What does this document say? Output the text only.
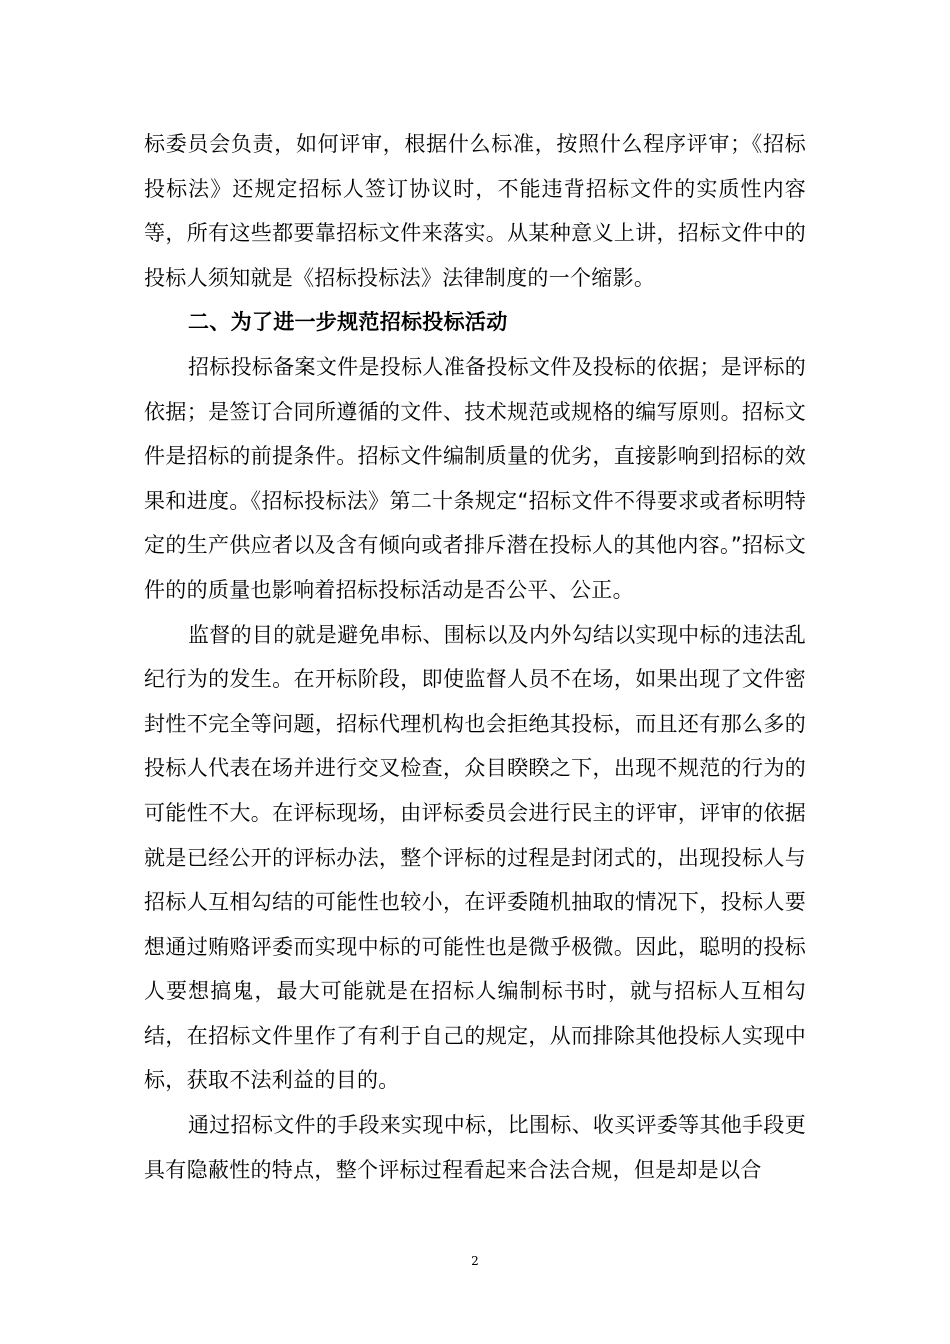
标委员会负责，如何评审，根据什么标准，按照什么程序评审；《招标投标法》还规定招标人签订协议时，不能违背招标文件的实质性内容等，所有这些都要靠招标文件来落实。从某种意义上讲，招标文件中的投标人须知就是《招标投标法》法律制度的一个缩影。

二、为了进一步规范招标投标活动

招标投标备案文件是投标人准备投标文件及投标的依据；是评标的依据；是签订合同所遵循的文件、技术规范或规格的编写原则。招标文件是招标的前提条件。招标文件编制质量的优劣，直接影响到招标的效果和进度。《招标投标法》第二十条规定“招标文件不得要求或者标明特定的生产供应者以及含有倾向或者排斥潜在投标人的其他内容。”招标文件的的质量也影响着招标投标活动是否公平、公正。

监督的目的就是避免串标、围标以及内外勾结以实现中标的违法乱纪行为的发生。在开标阶段，即使监督人员不在场，如果出现了文件密封性不完全等问题，招标代理机构也会拒绝其投标，而且还有那么多的投标人代表在场并进行交叉检查，众目睽睽之下，出现不规范的行为的可能性不大。在评标现场，由评标委员会进行民主的评审，评审的依据就是已经公开的评标办法，整个评标的过程是封闭式的，出现投标人与招标人互相勾结的可能性也较小，在评委随机抽取的情况下，投标人要想通过贿赂评委而实现中标的可能性也是微乎极微。因此，聪明的投标人要想搞鬼，最大可能就是在招标人编制标书时，就与招标人互相勾结，在招标文件里作了有利于自己的规定，从而排除其他投标人实现中标，获取不法利益的目的。

通过招标文件的手段来实现中标，比围标、收买评委等其他手段更具有隐蔽性的特点，整个评标过程看起来合法合规，但是却是以合

2
